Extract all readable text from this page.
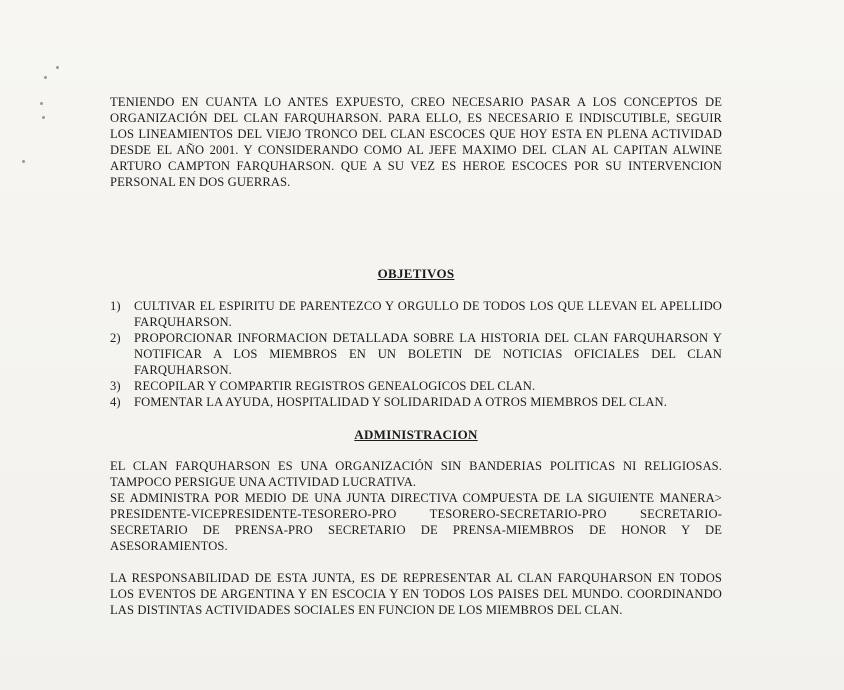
TENIENDO EN CUANTA LO ANTES EXPUESTO, CREO NECESARIO PASAR A LOS CONCEPTOS DE ORGANIZACIÓN DEL CLAN FARQUHARSON. PARA ELLO, ES NECESARIO E INDISCUTIBLE, SEGUIR LOS LINEAMIENTOS DEL VIEJO TRONCO DEL CLAN ESCOCES QUE HOY ESTA EN PLENA ACTIVIDAD DESDE EL AÑO 2001. Y CONSIDERANDO COMO AL JEFE MAXIMO DEL CLAN AL CAPITAN ALWINE ARTURO CAMPTON FARQUHARSON. QUE A SU VEZ ES HEROE ESCOCES POR SU INTERVENCION PERSONAL EN DOS GUERRAS.

OBJETIVOS
1) CULTIVAR EL ESPIRITU DE PARENTEZCO Y ORGULLO DE TODOS LOS QUE LLEVAN EL APELLIDO FARQUHARSON.
2) PROPORCIONAR INFORMACION DETALLADA SOBRE LA HISTORIA DEL CLAN FARQUHARSON Y NOTIFICAR A LOS MIEMBROS EN UN BOLETIN DE NOTICIAS OFICIALES DEL CLAN FARQUHARSON.
3) RECOPILAR Y COMPARTIR REGISTROS GENEALOGICOS DEL CLAN.
4) FOMENTAR LA AYUDA, HOSPITALIDAD Y SOLIDARIDAD A OTROS MIEMBROS DEL CLAN.
ADMINISTRACION

EL CLAN FARQUHARSON ES UNA ORGANIZACIÓN SIN BANDERIAS POLITICAS NI RELIGIOSAS. TAMPOCO PERSIGUE UNA ACTIVIDAD LUCRATIVA.

SE ADMINISTRA POR MEDIO DE UNA JUNTA DIRECTIVA COMPUESTA DE LA SIGUIENTE MANERA> PRESIDENTE-VICEPRESIDENTE-TESORERO-PRO TESORERO-SECRETARIO-PRO SECRETARIO-SECRETARIO DE PRENSA-PRO SECRETARIO DE PRENSA-MIEMBROS DE HONOR Y DE ASESORAMIENTOS.

LA RESPONSABILIDAD DE ESTA JUNTA, ES DE REPRESENTAR AL CLAN FARQUHARSON EN TODOS LOS EVENTOS DE ARGENTINA Y EN ESCOCIA Y EN TODOS LOS PAISES DEL MUNDO. COORDINANDO LAS DISTINTAS ACTIVIDADES SOCIALES EN FUNCION DE LOS MIEMBROS DEL CLAN.
